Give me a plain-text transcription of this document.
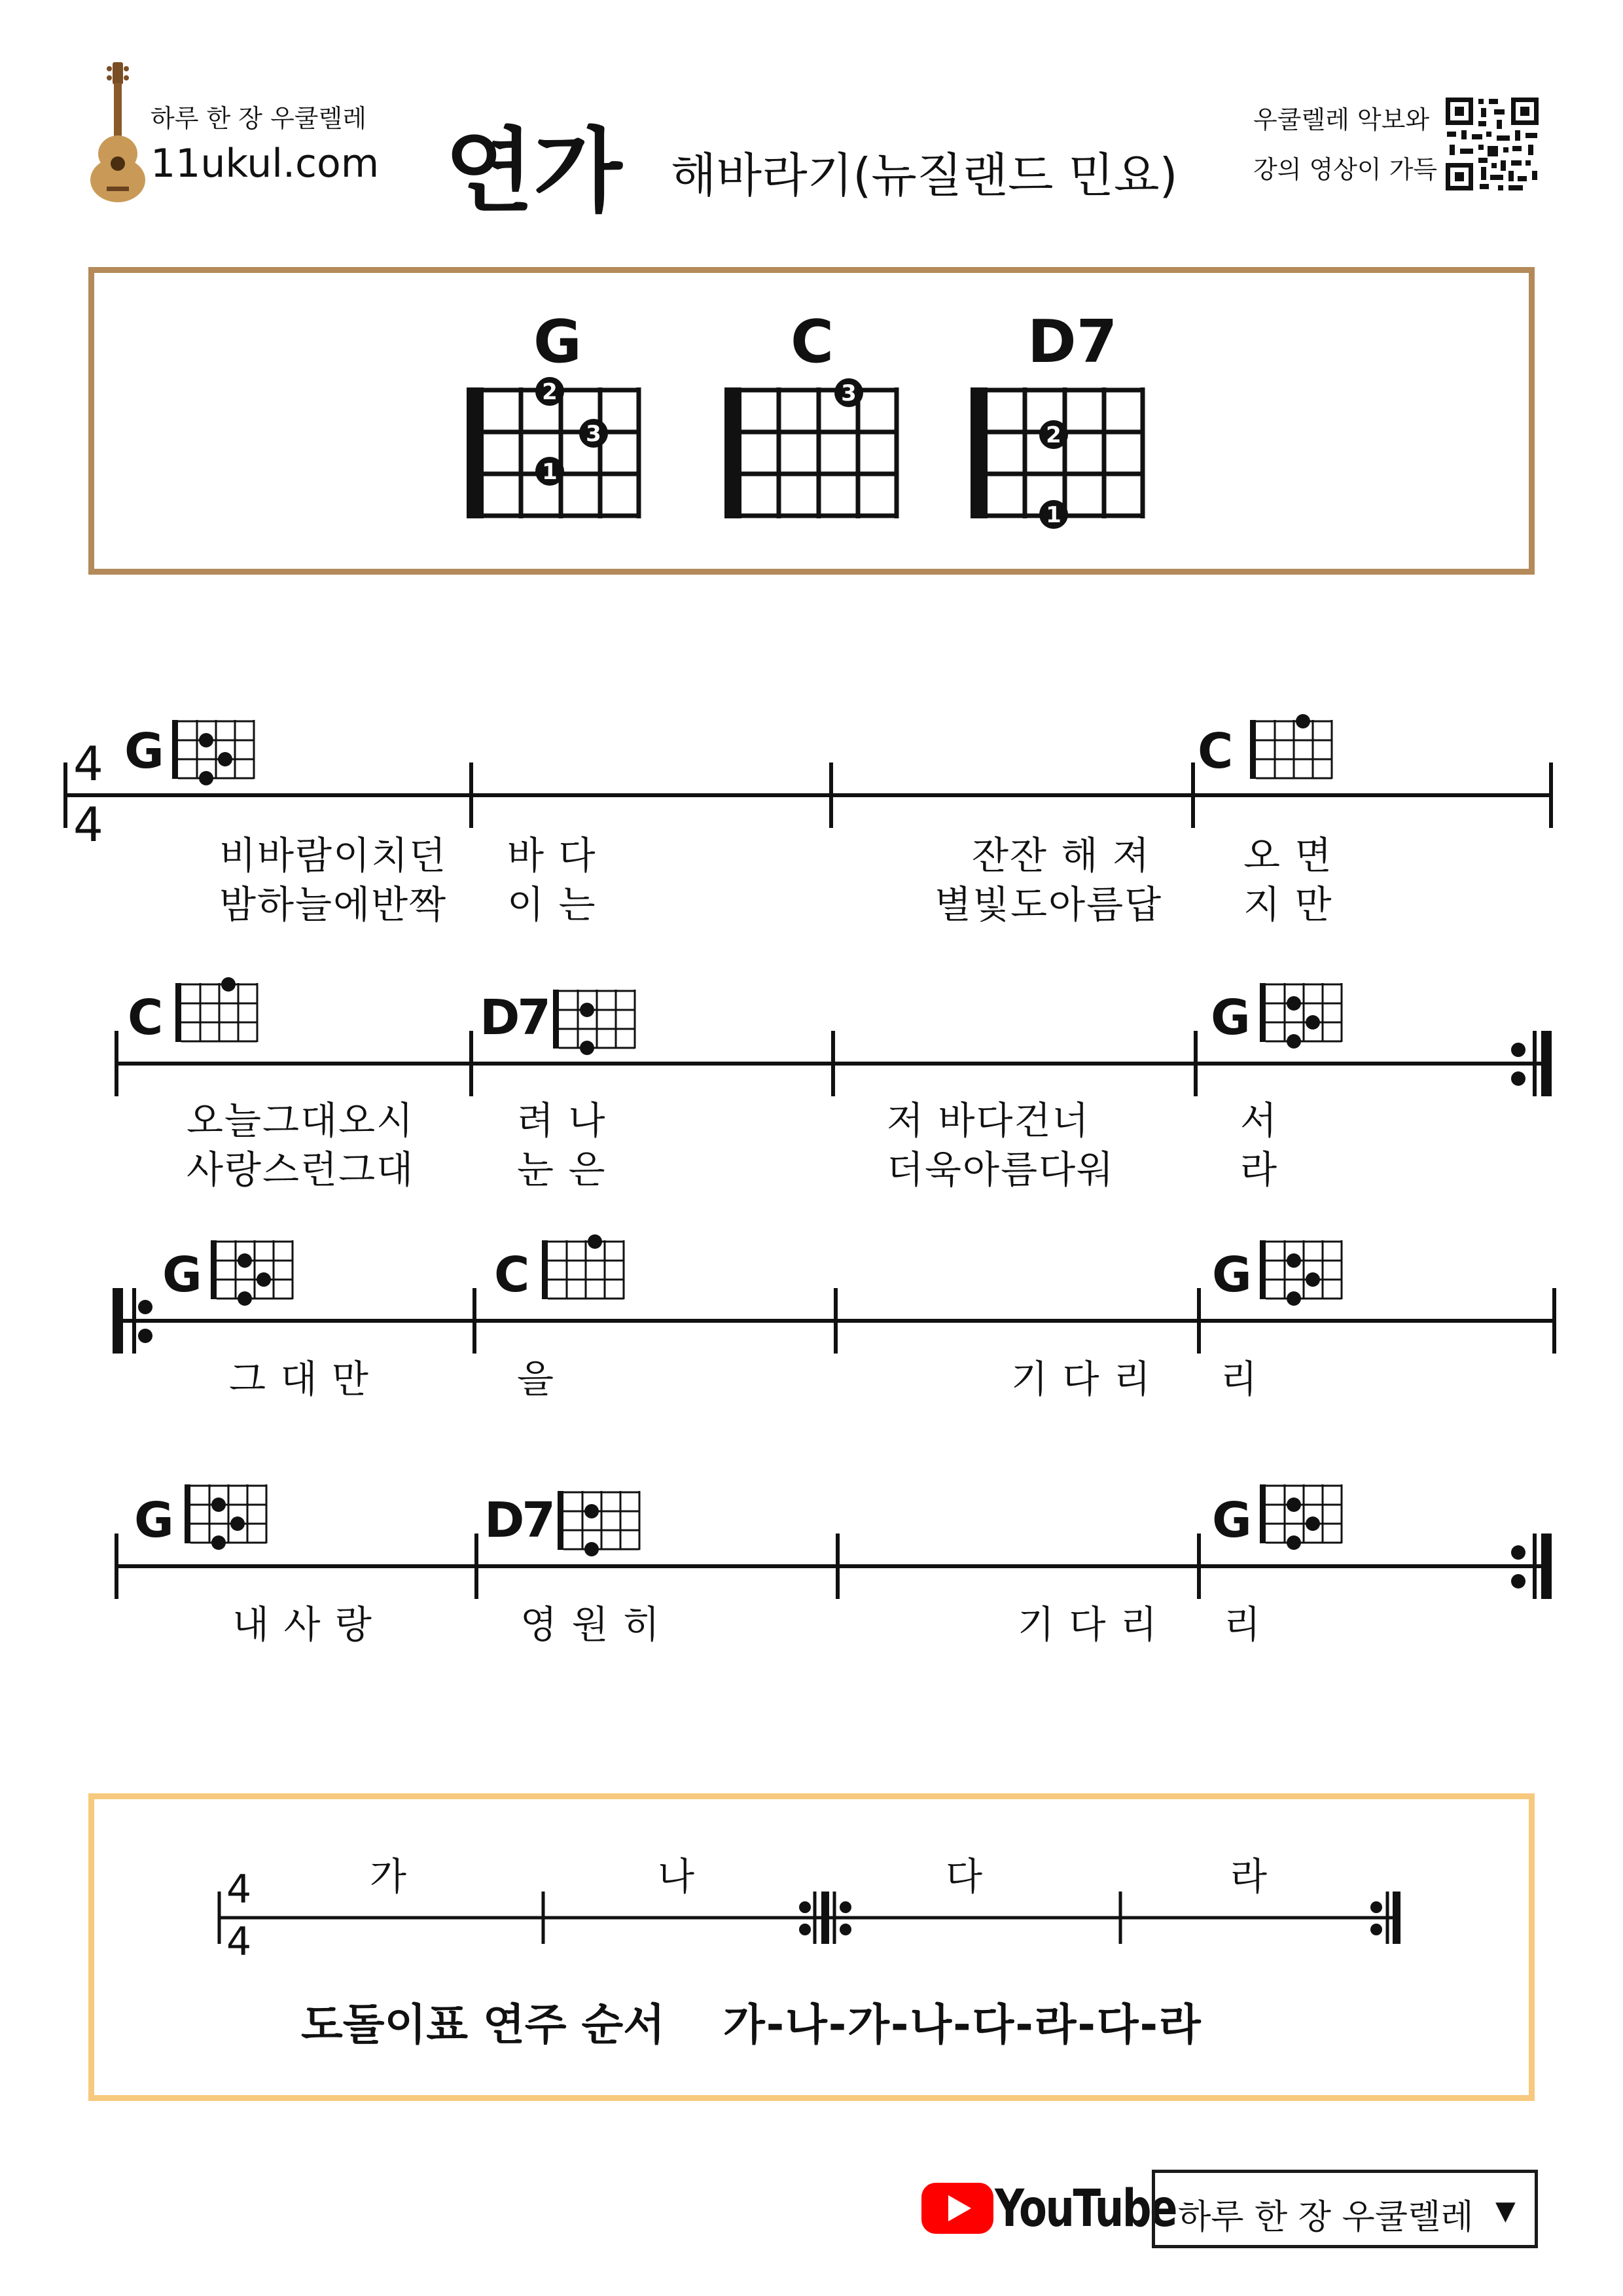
하루 한 장 우쿨렐레
11ukul.com 연가 해바라기(뉴질랜드 민요)
우쿨렐레 악보와
강의 영상이 가득
G	C	D7
2
3
1
3
2
1
4
4
4
4
G	C
비바람이치던
밤하늘에반짝
바 다
이 는
잔잔 해 져
별빛도아름답
오 면
지 만
C	D7	G
오늘그대오시
사랑스런그대
려 나
눈 은
저 바다건너
더욱아름다워
서
라
G	C	G
그 대 만	을	기 다 리 리
G	D7	G
내 사 랑	영 원 히	기 다 리 리
가	나	다	라
도돌이표 연주 순서 가-나-가-나-다-라-다-라
YouTube 하루 한 장 우쿨렐레 ▼
